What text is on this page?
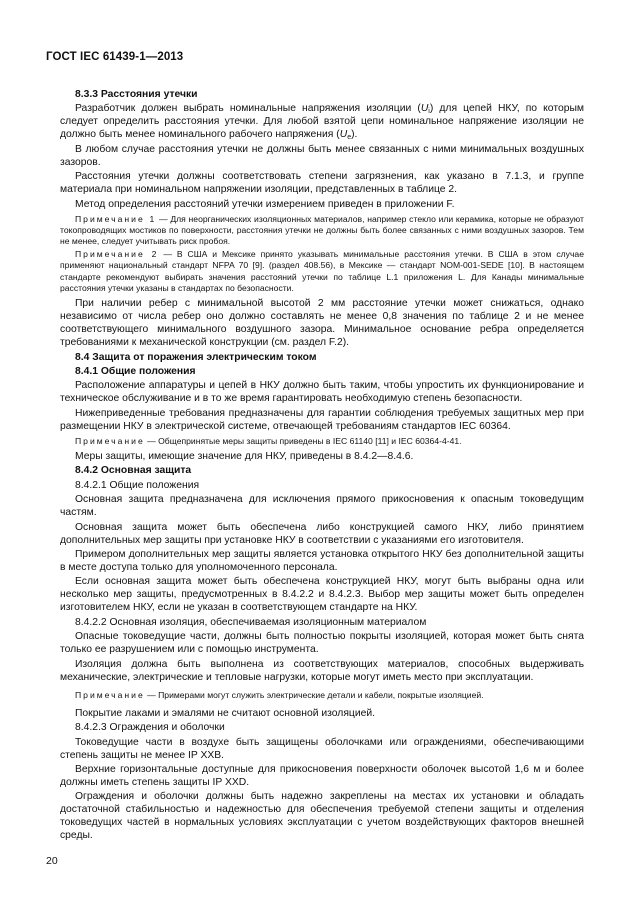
ГОСТ IEC 61439-1—2013
8.3.3 Расстояния утечки
Разработчик должен выбрать номинальные напряжения изоляции $(U_i)$ для цепей НКУ, по которым следует определить расстояния утечки. Для любой взятой цепи номинальное напряжение изоляции не должно быть менее номинального рабочего напряжения $(U_e)$.
В любом случае расстояния утечки не должны быть менее связанных с ними минимальных воздушных зазоров.
Расстояния утечки должны соответствовать степени загрязнения, как указано в 7.1.3, и группе материала при номинальном напряжении изоляции, представленных в таблице 2.
Метод определения расстояний утечки измерением приведен в приложении F.
Примечание 1 — Для неорганических изоляционных материалов, например стекло или керамика, которые не образуют токопроводящих мостиков по поверхности, расстояния утечки не должны быть более связанных с ними воздушных зазоров. Тем не менее, следует учитывать риск пробоя.
Примечание 2 — В США и Мексике принято указывать минимальные расстояния утечки. В США в этом случае применяют национальный стандарт NFPA 70 [9]. (раздел 408.56), в Мексике — стандарт NOM-001-SEDE [10]. В настоящем стандарте рекомендуют выбирать значения расстояний утечки по таблице L.1 приложения L. Для Канады минимальные расстояния утечки указаны в стандартах по безопасности.
При наличии ребер с минимальной высотой 2 мм расстояние утечки может снижаться, однако независимо от числа ребер оно должно составлять не менее 0,8 значения по таблице 2 и не менее соответствующего минимального воздушного зазора. Минимальное основание ребра определяется требованиями к механической конструкции (см. раздел F.2).
8.4 Защита от поражения электрическим током
8.4.1 Общие положения
Расположение аппаратуры и цепей в НКУ должно быть таким, чтобы упростить их функционирование и техническое обслуживание и в то же время гарантировать необходимую степень безопасности.
Нижеприведенные требования предназначены для гарантии соблюдения требуемых защитных мер при размещении НКУ в электрической системе, отвечающей требованиям стандартов IEC 60364.
Примечание — Общепринятые меры защиты приведены в IEC 61140 [11] и IEC 60364-4-41.
Меры защиты, имеющие значение для НКУ, приведены в 8.4.2—8.4.6.
8.4.2 Основная защита
8.4.2.1 Общие положения
Основная защита предназначена для исключения прямого прикосновения к опасным токоведущим частям.
Основная защита может быть обеспечена либо конструкцией самого НКУ, либо принятием дополнительных мер защиты при установке НКУ в соответствии с указаниями его изготовителя.
Примером дополнительных мер защиты является установка открытого НКУ без дополнительной защиты в месте доступа только для уполномоченного персонала.
Если основная защита может быть обеспечена конструкцией НКУ, могут быть выбраны одна или несколько мер защиты, предусмотренных в 8.4.2.2 и 8.4.2.3. Выбор мер защиты может быть определен изготовителем НКУ, если не указан в соответствующем стандарте на НКУ.
8.4.2.2 Основная изоляция, обеспечиваемая изоляционным материалом
Опасные токоведущие части, должны быть полностью покрыты изоляцией, которая может быть снята только ее разрушением или с помощью инструмента.
Изоляция должна быть выполнена из соответствующих материалов, способных выдерживать механические, электрические и тепловые нагрузки, которые могут иметь место при эксплуатации.
Примечание — Примерами могут служить электрические детали и кабели, покрытые изоляцией.
Покрытие лаками и эмалями не считают основной изоляцией.
8.4.2.3 Ограждения и оболочки
Токоведущие части в воздухе быть защищены оболочками или ограждениями, обеспечивающими степень защиты не менее IP XXB.
Верхние горизонтальные доступные для прикосновения поверхности оболочек высотой 1,6 м и более должны иметь степень защиты IP XXD.
Ограждения и оболочки должны быть надежно закреплены на местах их установки и обладать достаточной стабильностью и надежностью для обеспечения требуемой степени защиты и отделения токоведущих частей в нормальных условиях эксплуатации с учетом воздействующих факторов внешней среды.
20
